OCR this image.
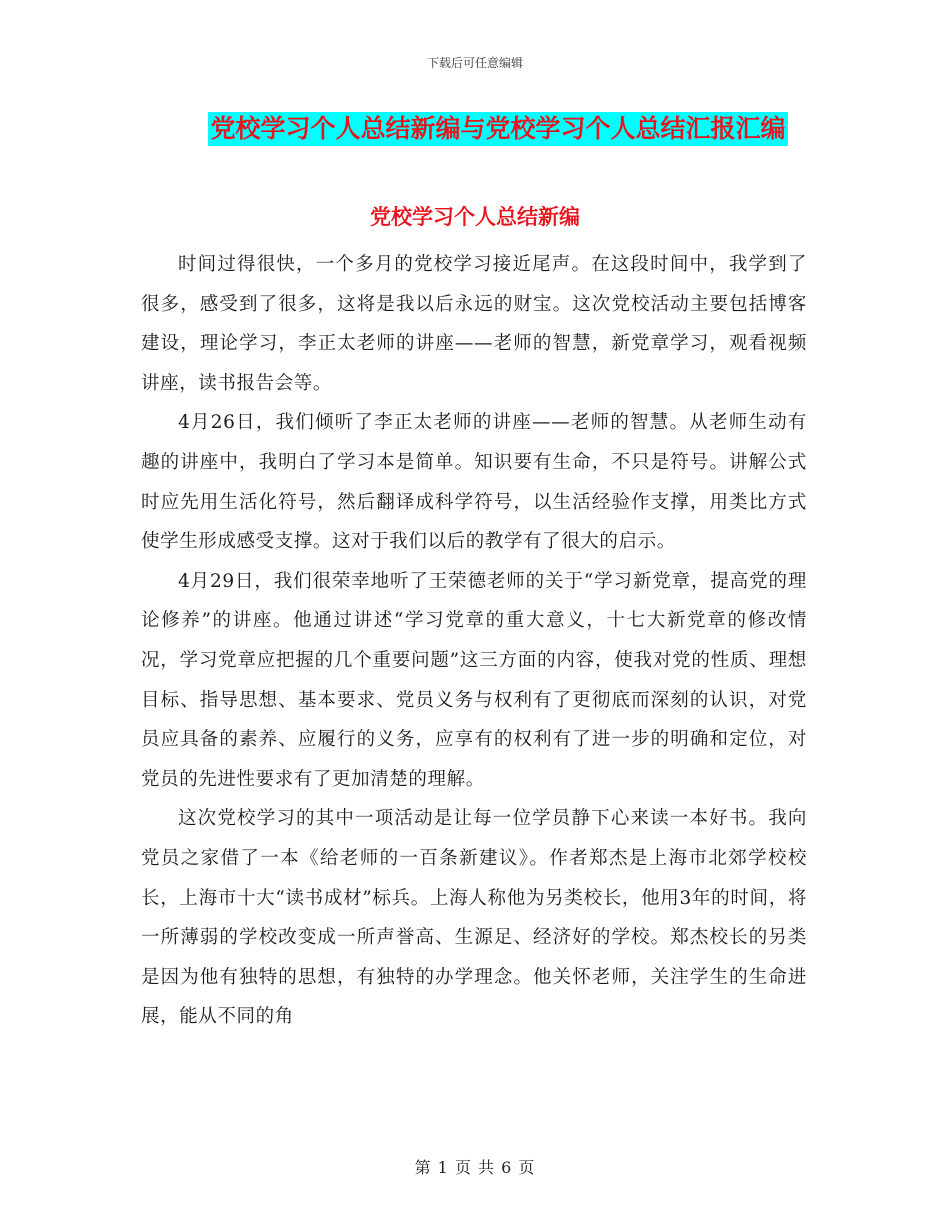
下载后可任意编辑
党校学习个人总结新编与党校学习个人总结汇报汇编
党校学习个人总结新编

时间过得很快，一个多月的党校学习接近尾声。在这段时间中，我学到了很多，感受到了很多，这将是我以后永远的财宝。这次党校活动主要包括博客建设，理论学习，李正太老师的讲座——老师的智慧，新党章学习，观看视频讲座，读书报告会等。

4月26日，我们倾听了李正太老师的讲座——老师的智慧。从老师生动有趣的讲座中，我明白了学习本是简单。知识要有生命，不只是符号。讲解公式时应先用生活化符号，然后翻译成科学符号，以生活经验作支撑，用类比方式使学生形成感受支撑。这对于我们以后的教学有了很大的启示。

4月29日，我们很荣幸地听了王荣德老师的关于“学习新党章，提高党的理论修养”的讲座。他通过讲述“学习党章的重大意义，十七大新党章的修改情况，学习党章应把握的几个重要问题”这三方面的内容，使我对党的性质、理想目标、指导思想、基本要求、党员义务与权利有了更彻底而深刻的认识，对党员应具备的素养、应履行的义务，应享有的权利有了进一步的明确和定位，对党员的先进性要求有了更加清楚的理解。

这次党校学习的其中一项活动是让每一位学员静下心来读一本好书。我向党员之家借了一本《给老师的一百条新建议》。作者郑杰是上海市北郊学校校长，上海市十大“读书成材”标兵。上海人称他为另类校长，他用3年的时间，将一所薄弱的学校改变成一所声誉高、生源足、经济好的学校。郑杰校长的另类是因为他有独特的思想，有独特的办学理念。他关怀老师，关注学生的生命进展，能从不同的角

第 1 页 共 6 页
